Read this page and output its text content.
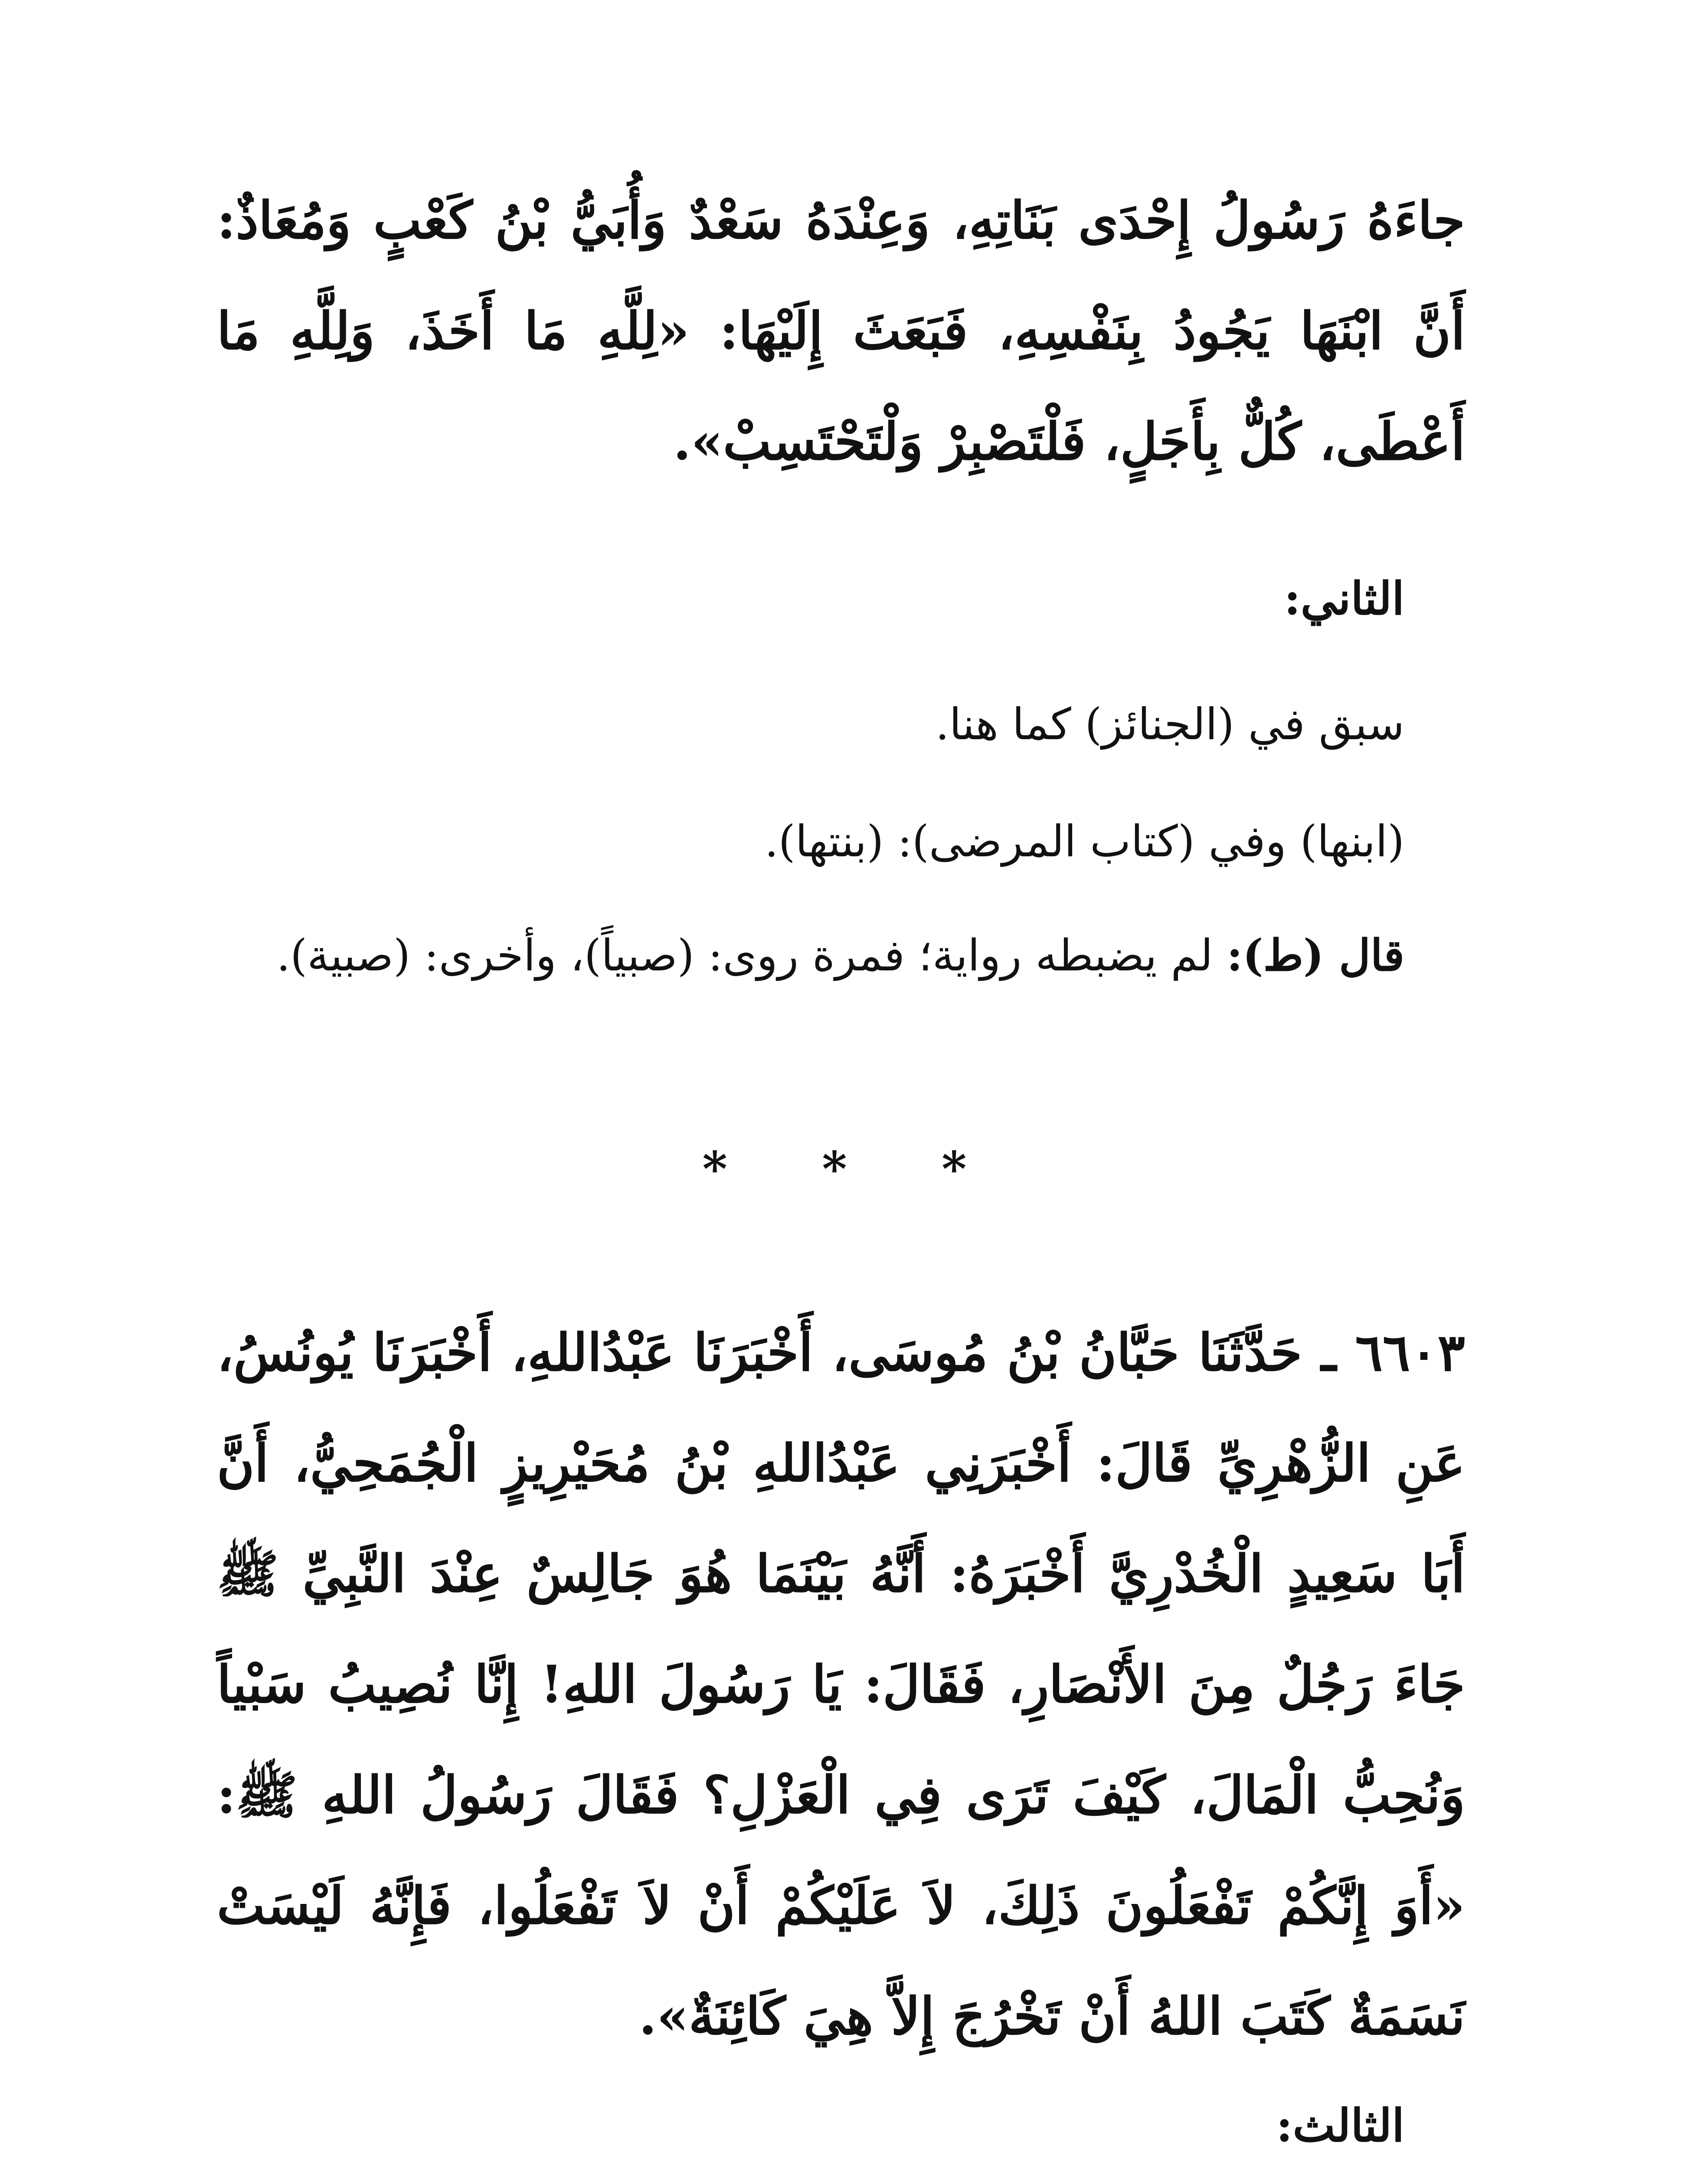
جاءَهُ رَسُولُ إِحْدَى بَنَاتِهِ، وَعِنْدَهُ سَعْدٌ وَأُبَيُّ بْنُ كَعْبٍ وَمُعَاذٌ: أَنَّ ابْنَهَا يَجُودُ بِنَفْسِهِ، فَبَعَثَ إِلَيْهَا: «لِلَّهِ مَا أَخَذَ، وَلِلَّهِ مَا أَعْطَى، كُلٌّ بِأَجَلٍ، فَلْتَصْبِرْ وَلْتَحْتَسِبْ».
الثاني:
سبق في (الجنائز) كما هنا.
(ابنها) وفي (كتاب المرضى): (بنتها).
قال (ط): لم يضبطه رواية؛ فمرة روى: (صبياً)، وأخرى: (صبية).
* * *
٦٦٠٣ ـ حَدَّثَنَا حَبَّانُ بْنُ مُوسَى، أَخْبَرَنَا عَبْدُاللهِ، أَخْبَرَنَا يُونُسُ، عَنِ الزُّهْرِيِّ قَالَ: أَخْبَرَنِي عَبْدُاللهِ بْنُ مُحَيْرِيزٍ الْجُمَحِيُّ، أَنَّ أَبَا سَعِيدٍ الْخُدْرِيَّ أَخْبَرَهُ: أَنَّهُ بَيْنَمَا هُوَ جَالِسٌ عِنْدَ النَّبِيِّ ﷺ جَاءَ رَجُلٌ مِنَ الأَنْصَارِ، فَقَالَ: يَا رَسُولَ اللهِ! إِنَّا نُصِيبُ سَبْياً وَنُحِبُّ الْمَالَ، كَيْفَ تَرَى فِي الْعَزْلِ؟ فَقَالَ رَسُولُ اللهِ ﷺ: «أَوَ إِنَّكُمْ تَفْعَلُونَ ذَلِكَ، لاَ عَلَيْكُمْ أَنْ لاَ تَفْعَلُوا، فَإِنَّهُ لَيْسَتْ نَسَمَةٌ كَتَبَ اللهُ أَنْ تَخْرُجَ إِلاَّ هِيَ كَائِنَةٌ».
الثالث:
